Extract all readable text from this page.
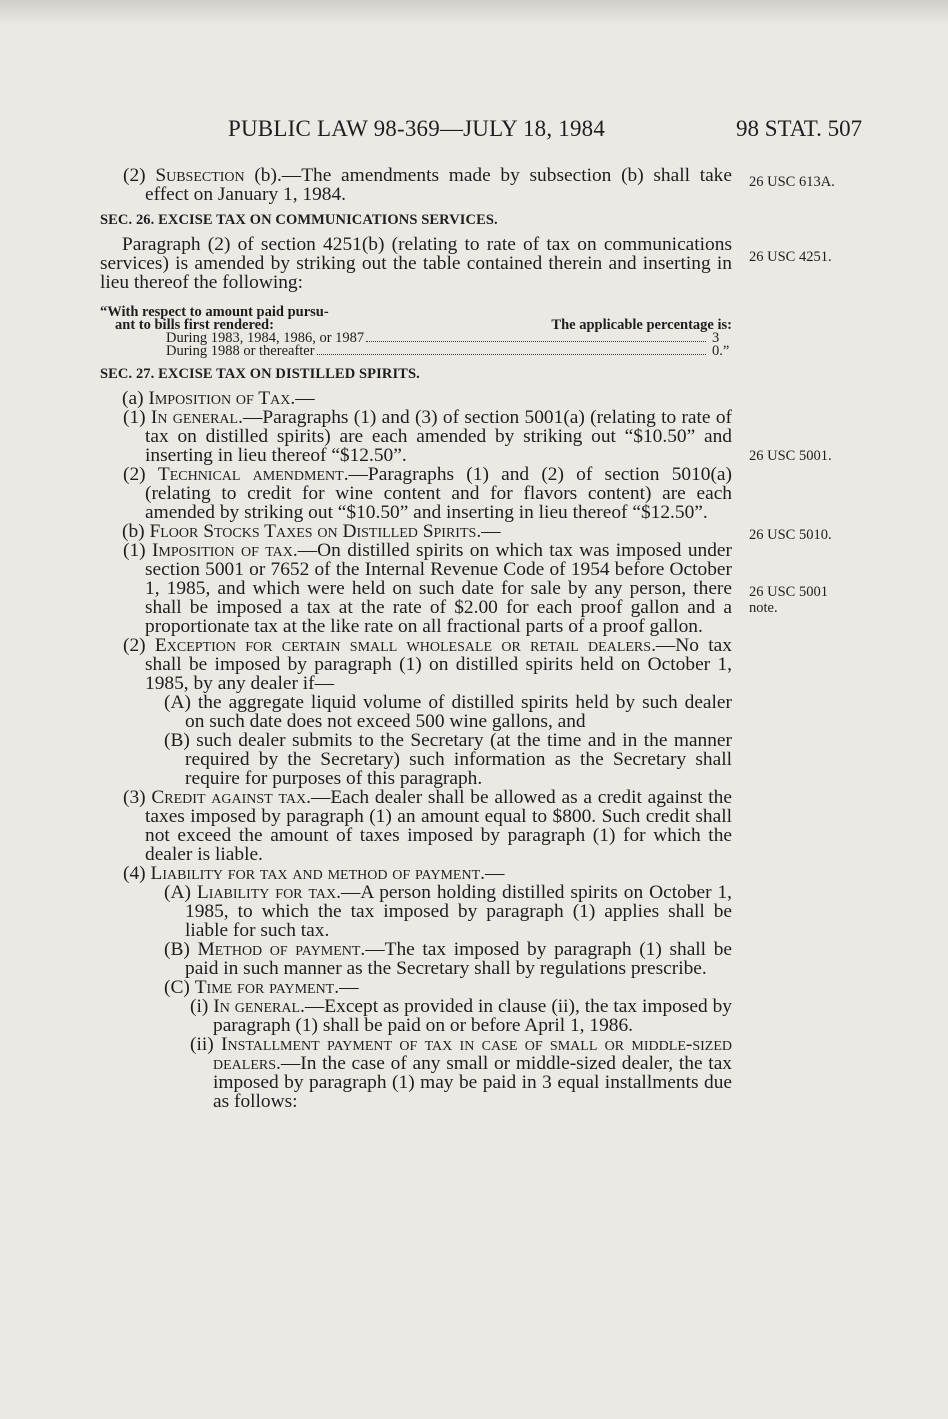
PUBLIC LAW 98-369—JULY 18, 1984	98 STAT. 507
26 USC 613A.
26 USC 4251.
26 USC 5001.
26 USC 5010.
26 USC 5001
note.

(2) Subsection (b).—The amendments made by subsection (b) shall take effect on January 1, 1984.

SEC. 26. EXCISE TAX ON COMMUNICATIONS SERVICES.

Paragraph (2) of section 4251(b) (relating to rate of tax on communications services) is amended by striking out the table contained therein and inserting in lieu thereof the following:

“With respect to amount paid pursu-
ant to bills first rendered:	The applicable percentage is:
During 1983, 1984, 1986, or 1987	3
During 1988 or thereafter	0.”

SEC. 27. EXCISE TAX ON DISTILLED SPIRITS.

(a) Imposition of Tax.—

(1) In general.—Paragraphs (1) and (3) of section 5001(a) (relating to rate of tax on distilled spirits) are each amended by striking out “$10.50” and inserting in lieu thereof “$12.50”.

(2) Technical amendment.—Paragraphs (1) and (2) of section 5010(a) (relating to credit for wine content and for flavors content) are each amended by striking out “$10.50” and inserting in lieu thereof “$12.50”.

(b) Floor Stocks Taxes on Distilled Spirits.—

(1) Imposition of tax.—On distilled spirits on which tax was imposed under section 5001 or 7652 of the Internal Revenue Code of 1954 before October 1, 1985, and which were held on such date for sale by any person, there shall be imposed a tax at the rate of $2.00 for each proof gallon and a proportionate tax at the like rate on all fractional parts of a proof gallon.

(2) Exception for certain small wholesale or retail dealers.—No tax shall be imposed by paragraph (1) on distilled spirits held on October 1, 1985, by any dealer if—

(A) the aggregate liquid volume of distilled spirits held by such dealer on such date does not exceed 500 wine gallons, and

(B) such dealer submits to the Secretary (at the time and in the manner required by the Secretary) such information as the Secretary shall require for purposes of this paragraph.

(3) Credit against tax.—Each dealer shall be allowed as a credit against the taxes imposed by paragraph (1) an amount equal to $800. Such credit shall not exceed the amount of taxes imposed by paragraph (1) for which the dealer is liable.

(4) Liability for tax and method of payment.—

(A) Liability for tax.—A person holding distilled spirits on October 1, 1985, to which the tax imposed by paragraph (1) applies shall be liable for such tax.

(B) Method of payment.—The tax imposed by paragraph (1) shall be paid in such manner as the Secretary shall by regulations prescribe.

(C) Time for payment.—

(i) In general.—Except as provided in clause (ii), the tax imposed by paragraph (1) shall be paid on or before April 1, 1986.

(ii) Installment payment of tax in case of small or middle-sized dealers.—In the case of any small or middle-sized dealer, the tax imposed by paragraph (1) may be paid in 3 equal installments due as follows:
